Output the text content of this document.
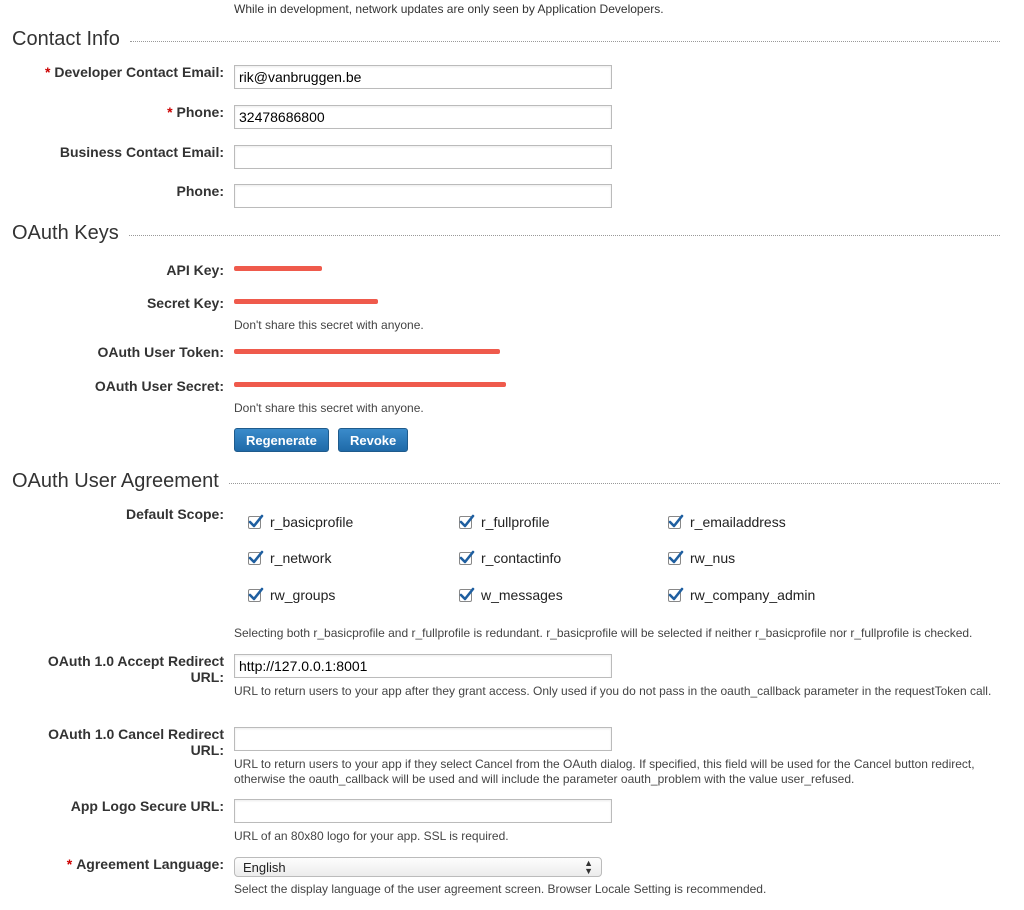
While in development, network updates are only seen by Application Developers.
Contact Info
* Developer Contact Email:
rik@vanbruggen.be
* Phone:
32478686800
Business Contact Email:
Phone:
OAuth Keys
API Key:
Secret Key:
Don't share this secret with anyone.
OAuth User Token:
OAuth User Secret:
Don't share this secret with anyone.
Regenerate	Revoke
OAuth User Agreement
Default Scope:	r_basicprofile	r_fullprofile	r_emailaddress
r_network	r_contactinfo	rw_nus
rw_groups	w_messages	rw_company_admin
Selecting both r_basicprofile and r_fullprofile is redundant. r_basicprofile will be selected if neither r_basicprofile nor r_fullprofile is checked.
OAuth 1.0 Accept Redirect URL:
http://127.0.0.1:8001
URL to return users to your app after they grant access. Only used if you do not pass in the oauth_callback parameter in the requestToken call.
OAuth 1.0 Cancel Redirect URL:
URL to return users to your app if they select Cancel from the OAuth dialog. If specified, this field will be used for the Cancel button redirect, otherwise the oauth_callback will be used and will include the parameter oauth_problem with the value user_refused.
App Logo Secure URL:
URL of an 80x80 logo for your app. SSL is required.
* Agreement Language: English	▲
▼
Select the display language of the user agreement screen. Browser Locale Setting is recommended.
